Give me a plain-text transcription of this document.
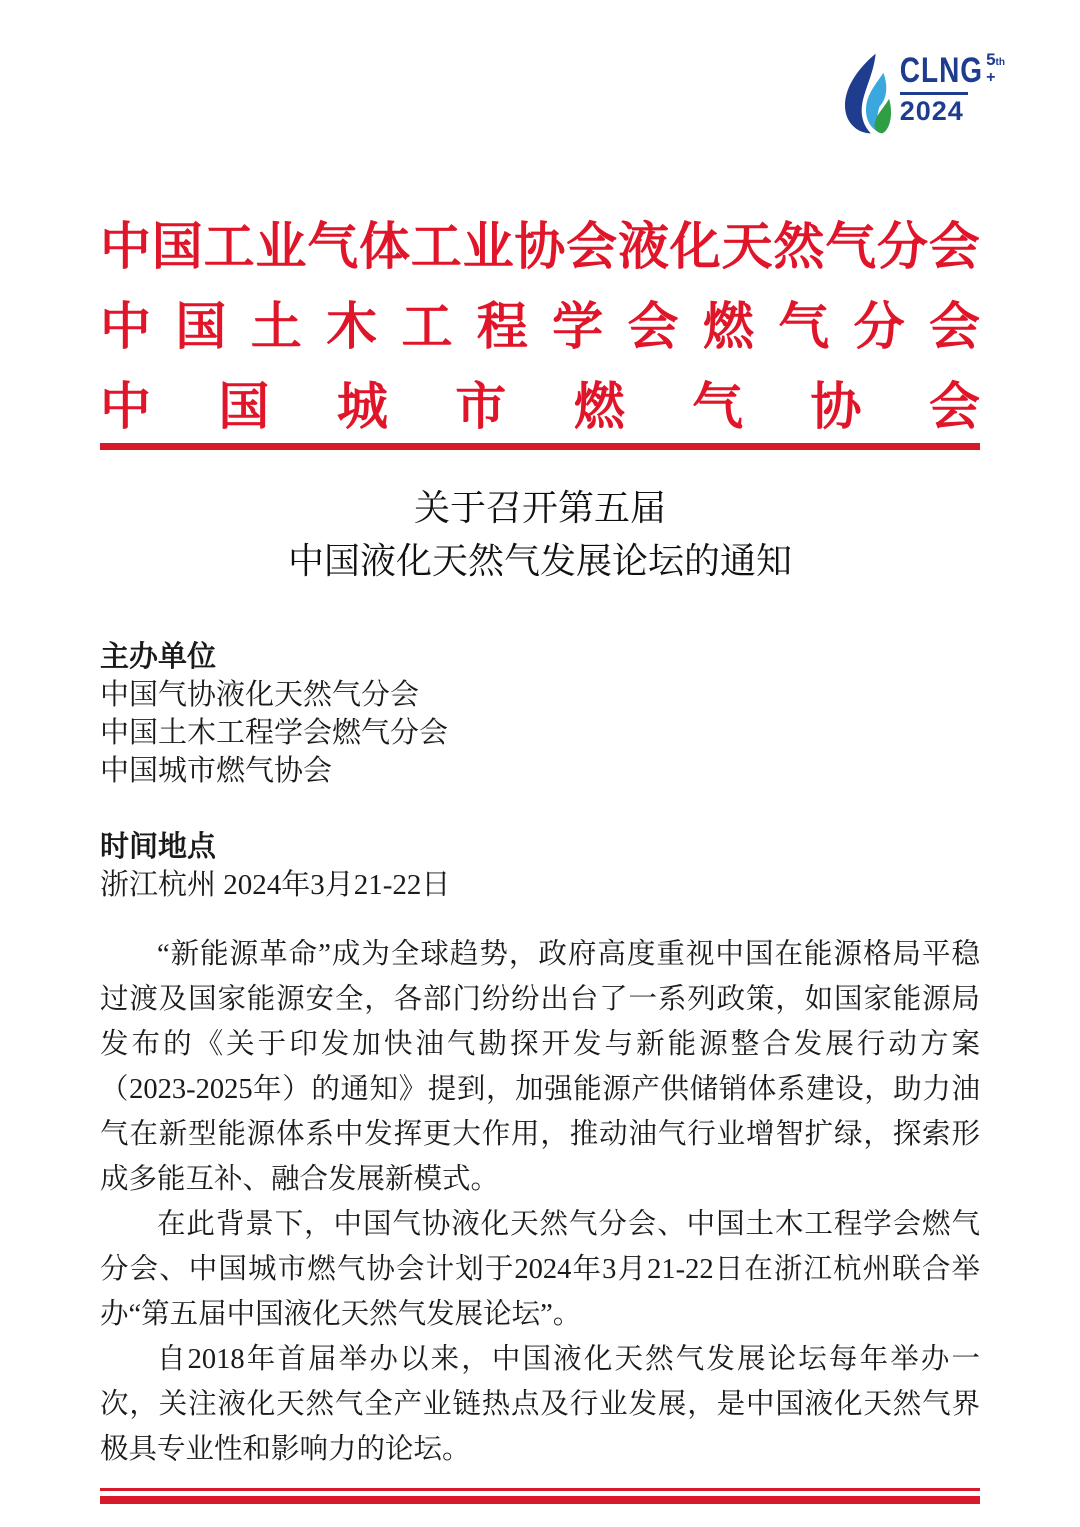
CLNG
2024
5th
+
中 国 工 业 气 体 工 业 协 会 液 化 天 然 气 分 会
中 国 土 木 工 程 学 会 燃 气 分 会
中 国 城 市 燃 气 协 会
关于召开第五届
中国液化天然气发展论坛的通知
主办单位
中国气协液化天然气分会
中国土木工程学会燃气分会
中国城市燃气协会
时间地点
浙江杭州 2024年3月21-22日

“新能源革命”成为全球趋势，政府高度重视中国在能源格局平稳过渡及国家能源安全，各部门纷纷出台了一系列政策，如国家能源局发布的《关于印发加快油气勘探开发与新能源整合发展行动方案（2023-2025年）的通知》提到，加强能源产供储销体系建设，助力油气在新型能源体系中发挥更大作用，推动油气行业增智扩绿，探索形成多能互补、融合发展新模式。

在此背景下，中国气协液化天然气分会、中国土木工程学会燃气分会、中国城市燃气协会计划于2024年3月21-22日在浙江杭州联合举办“第五届中国液化天然气发展论坛”。

自2018年首届举办以来，中国液化天然气发展论坛每年举办一次，关注液化天然气全产业链热点及行业发展，是中国液化天然气界极具专业性和影响力的论坛。
